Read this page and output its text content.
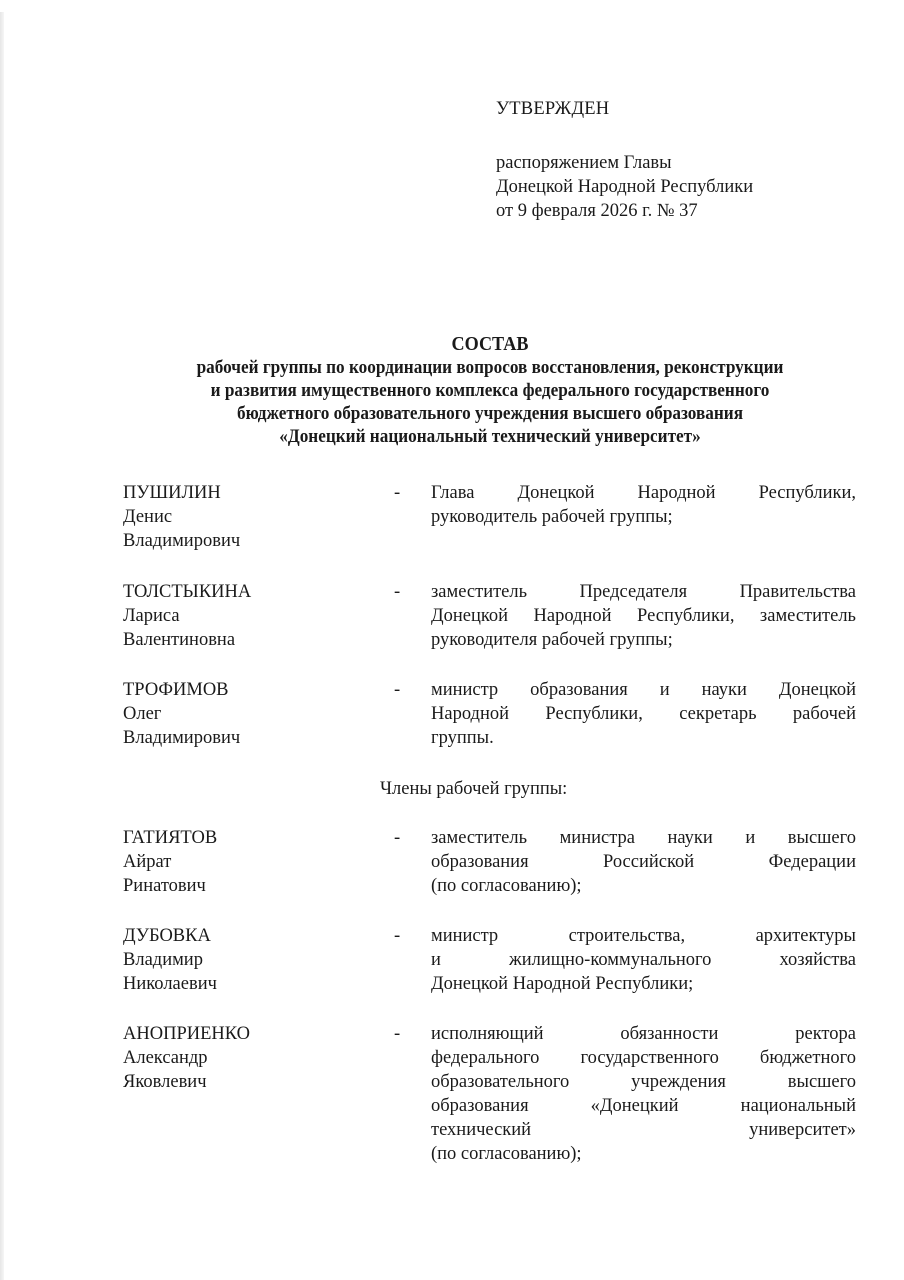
УТВЕРЖДЕН
распоряжением Главы
Донецкой Народной Республики
от 9 февраля 2026 г. № 37
СОСТАВ
рабочей группы по координации вопросов восстановления, реконструкции
и развития имущественного комплекса федерального государственного
бюджетного образовательного учреждения высшего образования
«Донецкий национальный технический университет»
ПУШИЛИН
Денис
Владимирович
- Глава Донецкой Народной Республики,
руководитель рабочей группы;
ТОЛСТЫКИНА
Лариса
Валентиновна
- заместитель Председателя Правительства
Донецкой Народной Республики, заместитель
руководителя рабочей группы;
ТРОФИМОВ
Олег
Владимирович
- министр образования и науки Донецкой
Народной Республики, секретарь рабочей
группы.
Члены рабочей группы:
ГАТИЯТОВ
Айрат
Ринатович
- заместитель министра науки и высшего
образования Российской Федерации
(по согласованию);
ДУБОВКА
Владимир
Николаевич
- министр строительства, архитектуры
и жилищно-коммунального хозяйства
Донецкой Народной Республики;
АНОПРИЕНКО
Александр
Яковлевич
- исполняющий обязанности ректора
федерального государственного бюджетного
образовательного учреждения высшего
образования «Донецкий национальный
технический университет»
(по согласованию);
